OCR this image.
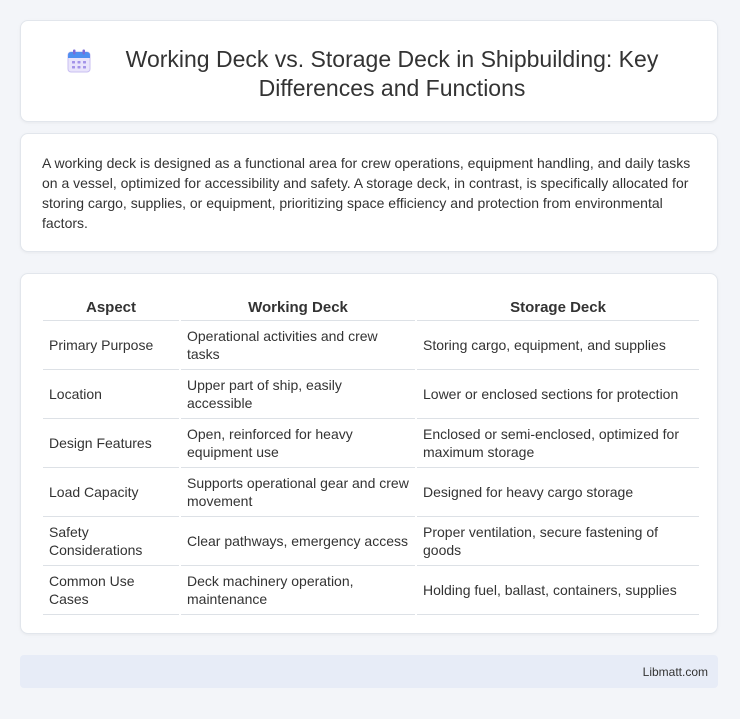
Working Deck vs. Storage Deck in Shipbuilding: Key Differences and Functions

A working deck is designed as a functional area for crew operations, equipment handling, and daily tasks on a vessel, optimized for accessibility and safety. A storage deck, in contrast, is specifically allocated for storing cargo, supplies, or equipment, prioritizing space efficiency and protection from environmental factors.

Aspect	Working Deck	Storage Deck
Primary Purpose	Operational activities and crew tasks	Storing cargo, equipment, and supplies
Location	Upper part of ship, easily accessible	Lower or enclosed sections for protection
Design Features	Open, reinforced for heavy equipment use	Enclosed or semi-enclosed, optimized for maximum storage
Load Capacity	Supports operational gear and crew movement	Designed for heavy cargo storage
Safety Considerations	Clear pathways, emergency access	Proper ventilation, secure fastening of goods
Common Use Cases	Deck machinery operation, maintenance	Holding fuel, ballast, containers, supplies
Libmatt.com
